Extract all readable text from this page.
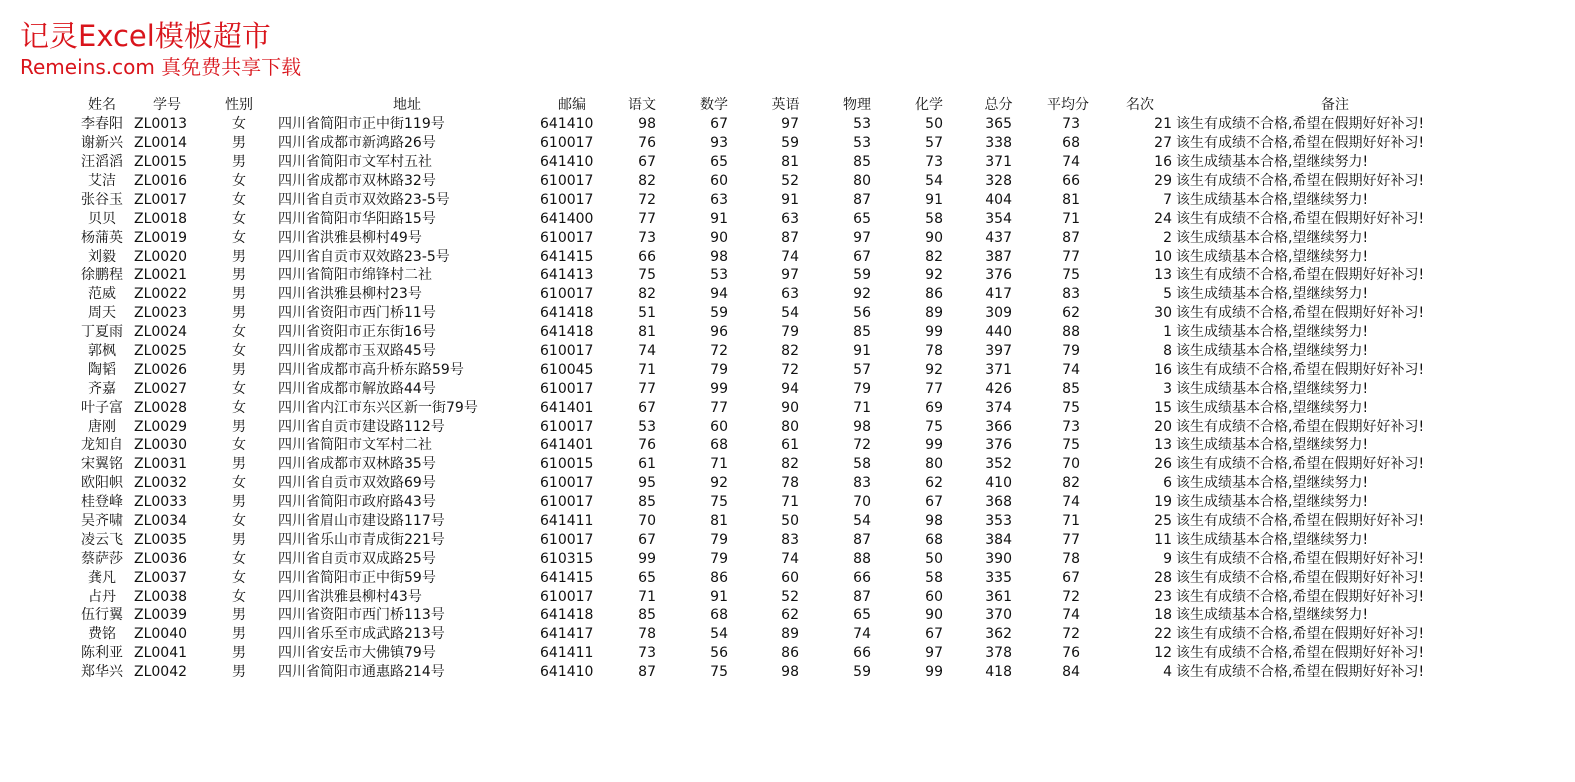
记灵Excel模板超市
Remeins.com 真免费共享下载
姓名	学号	性别	地址	邮编	语文	数学	英语	物理	化学	总分	平均分	名次	备注
李春阳	ZL0013	女	四川省简阳市正中街119号	641410	98	67	97	53	50	365	73	21	该生有成绩不合格,希望在假期好好补习!
谢新兴	ZL0014	男	四川省成都市新鸿路26号	610017	76	93	59	53	57	338	68	27	该生有成绩不合格,希望在假期好好补习!
汪滔滔	ZL0015	男	四川省简阳市文军村五社	641410	67	65	81	85	73	371	74	16	该生成绩基本合格,望继续努力!
艾洁	ZL0016	女	四川省成都市双林路32号	610017	82	60	52	80	54	328	66	29	该生有成绩不合格,希望在假期好好补习!
张谷玉	ZL0017	女	四川省自贡市双效路23-5号	610017	72	63	91	87	91	404	81	7	该生成绩基本合格,望继续努力!
贝贝	ZL0018	女	四川省简阳市华阳路15号	641400	77	91	63	65	58	354	71	24	该生有成绩不合格,希望在假期好好补习!
杨蒲英	ZL0019	女	四川省洪雅县柳村49号	610017	73	90	87	97	90	437	87	2	该生成绩基本合格,望继续努力!
刘毅	ZL0020	男	四川省自贡市双效路23-5号	641415	66	98	74	67	82	387	77	10	该生成绩基本合格,望继续努力!
徐鹏程	ZL0021	男	四川省简阳市绵锋村二社	641413	75	53	97	59	92	376	75	13	该生有成绩不合格,希望在假期好好补习!
范威	ZL0022	男	四川省洪雅县柳村23号	610017	82	94	63	92	86	417	83	5	该生成绩基本合格,望继续努力!
周天	ZL0023	男	四川省资阳市西门桥11号	641418	51	59	54	56	89	309	62	30	该生有成绩不合格,希望在假期好好补习!
丁夏雨	ZL0024	女	四川省资阳市正东街16号	641418	81	96	79	85	99	440	88	1	该生成绩基本合格,望继续努力!
郭枫	ZL0025	女	四川省成都市玉双路45号	610017	74	72	82	91	78	397	79	8	该生成绩基本合格,望继续努力!
陶韬	ZL0026	男	四川省成都市高升桥东路59号	610045	71	79	72	57	92	371	74	16	该生有成绩不合格,希望在假期好好补习!
齐嘉	ZL0027	女	四川省成都市解放路44号	610017	77	99	94	79	77	426	85	3	该生成绩基本合格,望继续努力!
叶子富	ZL0028	女	四川省内江市东兴区新一街79号	641401	67	77	90	71	69	374	75	15	该生成绩基本合格,望继续努力!
唐刚	ZL0029	男	四川省自贡市建设路112号	610017	53	60	80	98	75	366	73	20	该生有成绩不合格,希望在假期好好补习!
龙知自	ZL0030	女	四川省简阳市文军村二社	641401	76	68	61	72	99	376	75	13	该生成绩基本合格,望继续努力!
宋翼铭	ZL0031	男	四川省成都市双林路35号	610015	61	71	82	58	80	352	70	26	该生有成绩不合格,希望在假期好好补习!
欧阳帜	ZL0032	女	四川省自贡市双效路69号	610017	95	92	78	83	62	410	82	6	该生成绩基本合格,望继续努力!
桂登峰	ZL0033	男	四川省简阳市政府路43号	610017	85	75	71	70	67	368	74	19	该生成绩基本合格,望继续努力!
吴齐啸	ZL0034	女	四川省眉山市建设路117号	641411	70	81	50	54	98	353	71	25	该生有成绩不合格,希望在假期好好补习!
凌云飞	ZL0035	男	四川省乐山市青成街221号	610017	67	79	83	87	68	384	77	11	该生成绩基本合格,望继续努力!
蔡萨莎	ZL0036	女	四川省自贡市双成路25号	610315	99	79	74	88	50	390	78	9	该生有成绩不合格,希望在假期好好补习!
龚凡	ZL0037	女	四川省简阳市正中街59号	641415	65	86	60	66	58	335	67	28	该生有成绩不合格,希望在假期好好补习!
占丹	ZL0038	女	四川省洪雅县柳村43号	610017	71	91	52	87	60	361	72	23	该生有成绩不合格,希望在假期好好补习!
伍行翼	ZL0039	男	四川省资阳市西门桥113号	641418	85	68	62	65	90	370	74	18	该生成绩基本合格,望继续努力!
费铭	ZL0040	男	四川省乐至市成武路213号	641417	78	54	89	74	67	362	72	22	该生有成绩不合格,希望在假期好好补习!
陈利亚	ZL0041	男	四川省安岳市大佛镇79号	641411	73	56	86	66	97	378	76	12	该生有成绩不合格,希望在假期好好补习!
郑华兴	ZL0042	男	四川省简阳市通惠路214号	641410	87	75	98	59	99	418	84	4	该生有成绩不合格,希望在假期好好补习!
